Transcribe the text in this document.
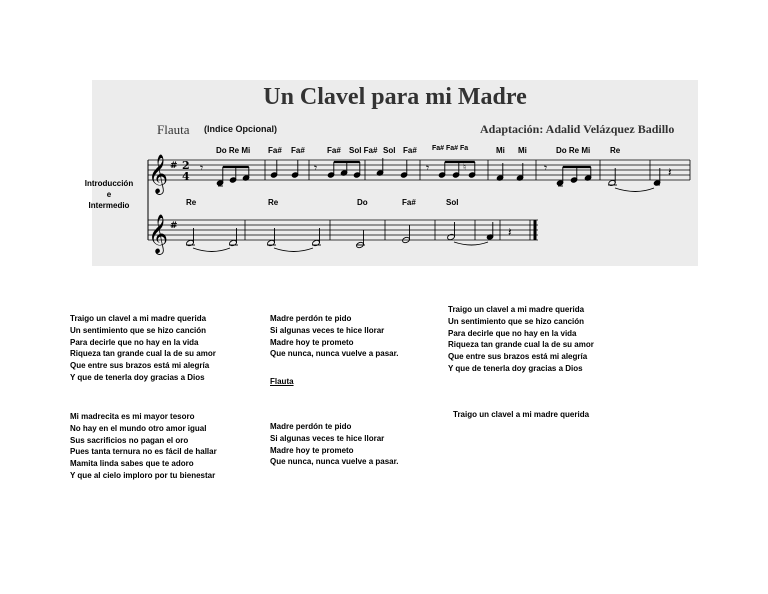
Un Clavel para mi Madre
Flauta (Indice Opcional)	Adaptación: Adalid Velázquez Badillo
Introducción
e
Intermedio
𝄞
𝄞
#
#
2
4
Do Re Mi Fa# Fa#	Fa# Sol Fa# Sol Fa# Fa# Fa# Fa	Mi Mi	Do Re Mi Re
Re	Re	Do	Fa#	Sol
𝄾	𝄾	𝄾	♮	𝄾	𝄽
𝄽
Traigo un clavel a mi madre querida
Un sentimiento que se hizo canción
Para decirle que no hay en la vida
Riqueza tan grande cual la de su amor
Que entre sus brazos está mi alegría
Y que de tenerla doy gracias a Dios
Mi madrecita es mi mayor tesoro
No hay en el mundo otro amor igual
Sus sacrificios no pagan el oro
Pues tanta ternura no es fácil de hallar
Mamita linda sabes que te adoro
Y que al cielo imploro por tu bienestar
Madre perdón te pido
Si algunas veces te hice llorar
Madre hoy te prometo
Que nunca, nunca vuelve a pasar.
Flauta
Madre perdón te pido
Si algunas veces te hice llorar
Madre hoy te prometo
Que nunca, nunca vuelve a pasar.
Traigo un clavel a mi madre querida
Un sentimiento que se hizo canción
Para decirle que no hay en la vida
Riqueza tan grande cual la de su amor
Que entre sus brazos está mi alegría
Y que de tenerla doy gracias a Dios
Traigo un clavel a mi madre querida
